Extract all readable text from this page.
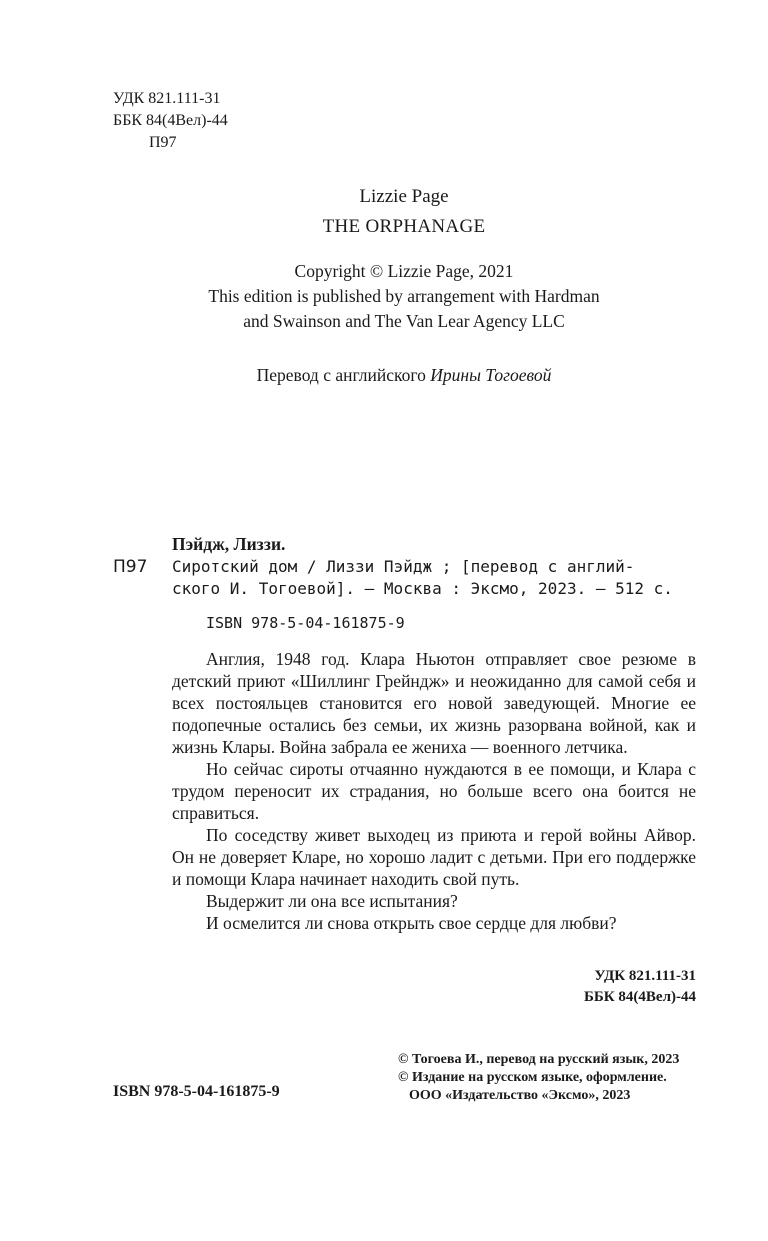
УДК 821.111-31
ББК 84(4Вел)-44
П97
Lizzie Page
THE ORPHANAGE
Copyright © Lizzie Page, 2021
This edition is published by arrangement with Hardman
and Swainson and The Van Lear Agency LLC
Перевод с английского Ирины Тогоевой
Пэйдж, Лиззи.
П97 Сиротский дом / Лиззи Пэйдж ; [перевод с англий-
ского И. Тогоевой]. — Москва : Эксмо, 2023. — 512 с.
ISBN 978-5-04-161875-9

Англия, 1948 год. Клара Ньютон отправляет свое резюме в детский приют «Шиллинг Грейндж» и неожиданно для самой себя и всех постояльцев становится его новой заведующей. Многие ее подопечные остались без семьи, их жизнь разорвана войной, как и жизнь Клары. Война забрала ее жениха — военного летчика.

Но сейчас сироты отчаянно нуждаются в ее помощи, и Клара с трудом переносит их страдания, но больше всего она боится не справиться.

По соседству живет выходец из приюта и герой войны Айвор. Он не доверяет Кларе, но хорошо ладит с детьми. При его поддержке и помощи Клара начинает находить свой путь.

Выдержит ли она все испытания?

И осмелится ли снова открыть свое сердце для любви?

УДК 821.111-31
ББК 84(4Вел)-44
© Тогоева И., перевод на русский язык, 2023
© Издание на русском языке, оформление.
ООО «Издательство «Эксмо», 2023
ISBN 978-5-04-161875-9
